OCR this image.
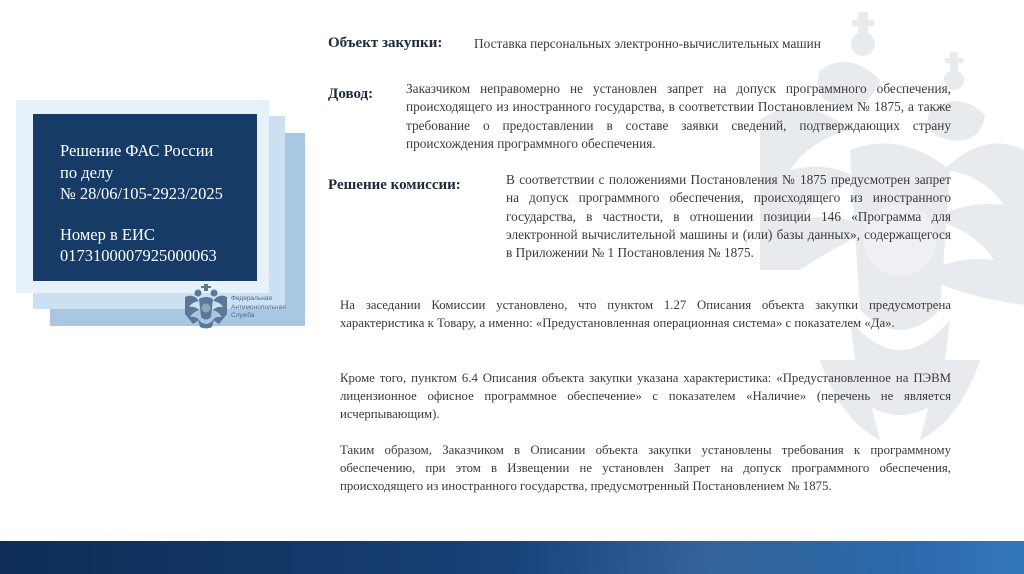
Решение ФАС России
по делу
№ 28/06/105-2923/2025
Номер в ЕИС
0173100007925000063
Федеральная
Антимонопольная
Служба
Объект закупки: Поставка персональных электронно-вычислительных машин
Довод: Заказчиком неправомерно не установлен запрет на допуск программного обеспечения, происходящего из иностранного государства, в соответствии Постановлением № 1875, а также требование о предоставлении в составе заявки сведений, подтверждающих страну происхождения программного обеспечения.
Решение комиссии:	В соответствии с положениями Постановления № 1875 предусмотрен запрет на допуск программного обеспечения, происходящего из иностранного государства, в частности, в отношении позиции 146 «Программа для электронной вычислительной машины и (или) базы данных», содержащегося в Приложении № 1 Постановления № 1875.
На заседании Комиссии установлено, что пунктом 1.27 Описания объекта закупки предусмотрена характеристика к Товару, а именно: «Предустановленная операционная система» с показателем «Да».
Кроме того, пунктом 6.4 Описания объекта закупки указана характеристика: «Предустановленное на ПЭВМ лицензионное офисное программное обеспечение» с показателем «Наличие» (перечень не является исчерпывающим).
Таким образом, Заказчиком в Описании объекта закупки установлены требования к программному обеспечению, при этом в Извещении не установлен Запрет на допуск программного обеспечения, происходящего из иностранного государства, предусмотренный Постановлением № 1875.
